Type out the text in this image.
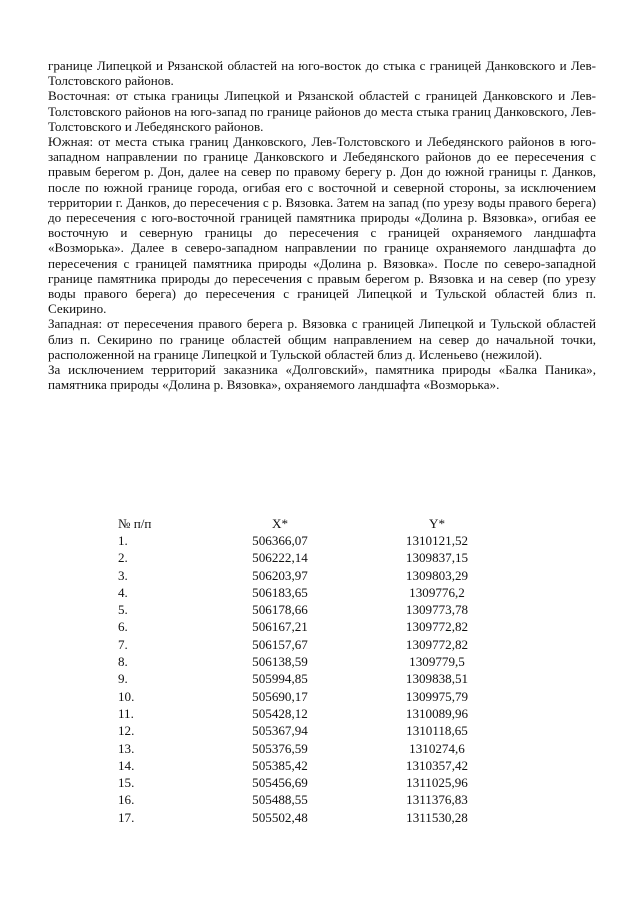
границе Липецкой и Рязанской областей на юго-восток до стыка с границей Данковского и Лев-Толстовского районов.

Восточная: от стыка границы Липецкой и Рязанской областей с границей Данковского и Лев-Толстовского районов на юго-запад по границе районов до места стыка границ Данковского, Лев-Толстовского и Лебедянского районов.

Южная: от места стыка границ Данковского, Лев-Толстовского и Лебедянского районов в юго-западном направлении по границе Данковского и Лебедянского районов до ее пересечения с правым берегом р. Дон, далее на север по правому берегу р. Дон до южной границы г. Данков, после по южной границе города, огибая его с восточной и северной стороны, за исключением территории г. Данков, до пересечения с р. Вязовка. Затем на запад (по урезу воды правого берега) до пересечения с юго-восточной границей памятника природы «Долина р. Вязовка», огибая ее восточную и северную границы до пересечения с границей охраняемого ландшафта «Возморька». Далее в северо-западном направлении по границе охраняемого ландшафта до пересечения с границей памятника природы «Долина р. Вязовка». После по северо-западной границе памятника природы до пересечения с правым берегом р. Вязовка и на север (по урезу воды правого берега) до пересечения с границей Липецкой и Тульской областей близ п. Секирино.

Западная: от пересечения правого берега р. Вязовка с границей Липецкой и Тульской областей близ п. Секирино по границе областей общим направлением на север до начальной точки, расположенной на границе Липецкой и Тульской областей близ д. Исленьево (нежилой).

За исключением территорий заказника «Долговский», памятника природы «Балка Паника», памятника природы «Долина р. Вязовка», охраняемого ландшафта «Возморька».

№ п/п	X*	Y*
1.	506366,07	1310121,52
2.	506222,14	1309837,15
3.	506203,97	1309803,29
4.	506183,65	1309776,2
5.	506178,66	1309773,78
6.	506167,21	1309772,82
7.	506157,67	1309772,82
8.	506138,59	1309779,5
9.	505994,85	1309838,51
10.	505690,17	1309975,79
11.	505428,12	1310089,96
12.	505367,94	1310118,65
13.	505376,59	1310274,6
14.	505385,42	1310357,42
15.	505456,69	1311025,96
16.	505488,55	1311376,83
17.	505502,48	1311530,28
